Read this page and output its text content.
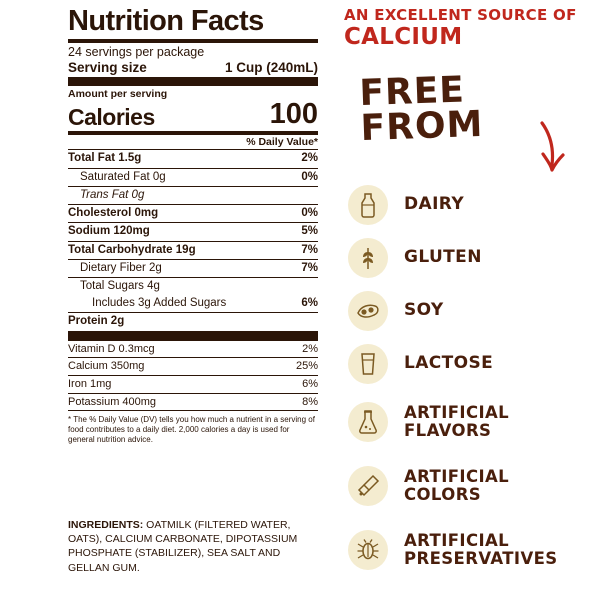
Nutrition Facts
24 servings per package
Serving size	1 Cup (240mL)
Amount per serving
Calories	100
% Daily Value*
Total Fat 1.5g	2%
Saturated Fat 0g	0%
Trans Fat 0g
Cholesterol 0mg	0%
Sodium 120mg	5%
Total Carbohydrate 19g	7%
Dietary Fiber 2g	7%
Total Sugars 4g
Includes 3g Added Sugars	6%
Protein 2g
Vitamin D 0.3mcg	2%
Calcium 350mg	25%
Iron 1mg	6%
Potassium 400mg	8%
* The % Daily Value (DV) tells you how much a nutrient in a serving of food contributes to a daily diet. 2,000 calories a day is used for general nutrition advice.
INGREDIENTS: OATMILK (FILTERED WATER, OATS), CALCIUM CARBONATE, DIPOTASSIUM PHOSPHATE (STABILIZER), SEA SALT AND GELLAN GUM.
AN EXCELLENT SOURCE OF
CALCIUM
FREE
FROM
DAIRY
GLUTEN
SOY
LACTOSE
ARTIFICIAL
FLAVORS
ARTIFICIAL
COLORS
ARTIFICIAL
PRESERVATIVES
